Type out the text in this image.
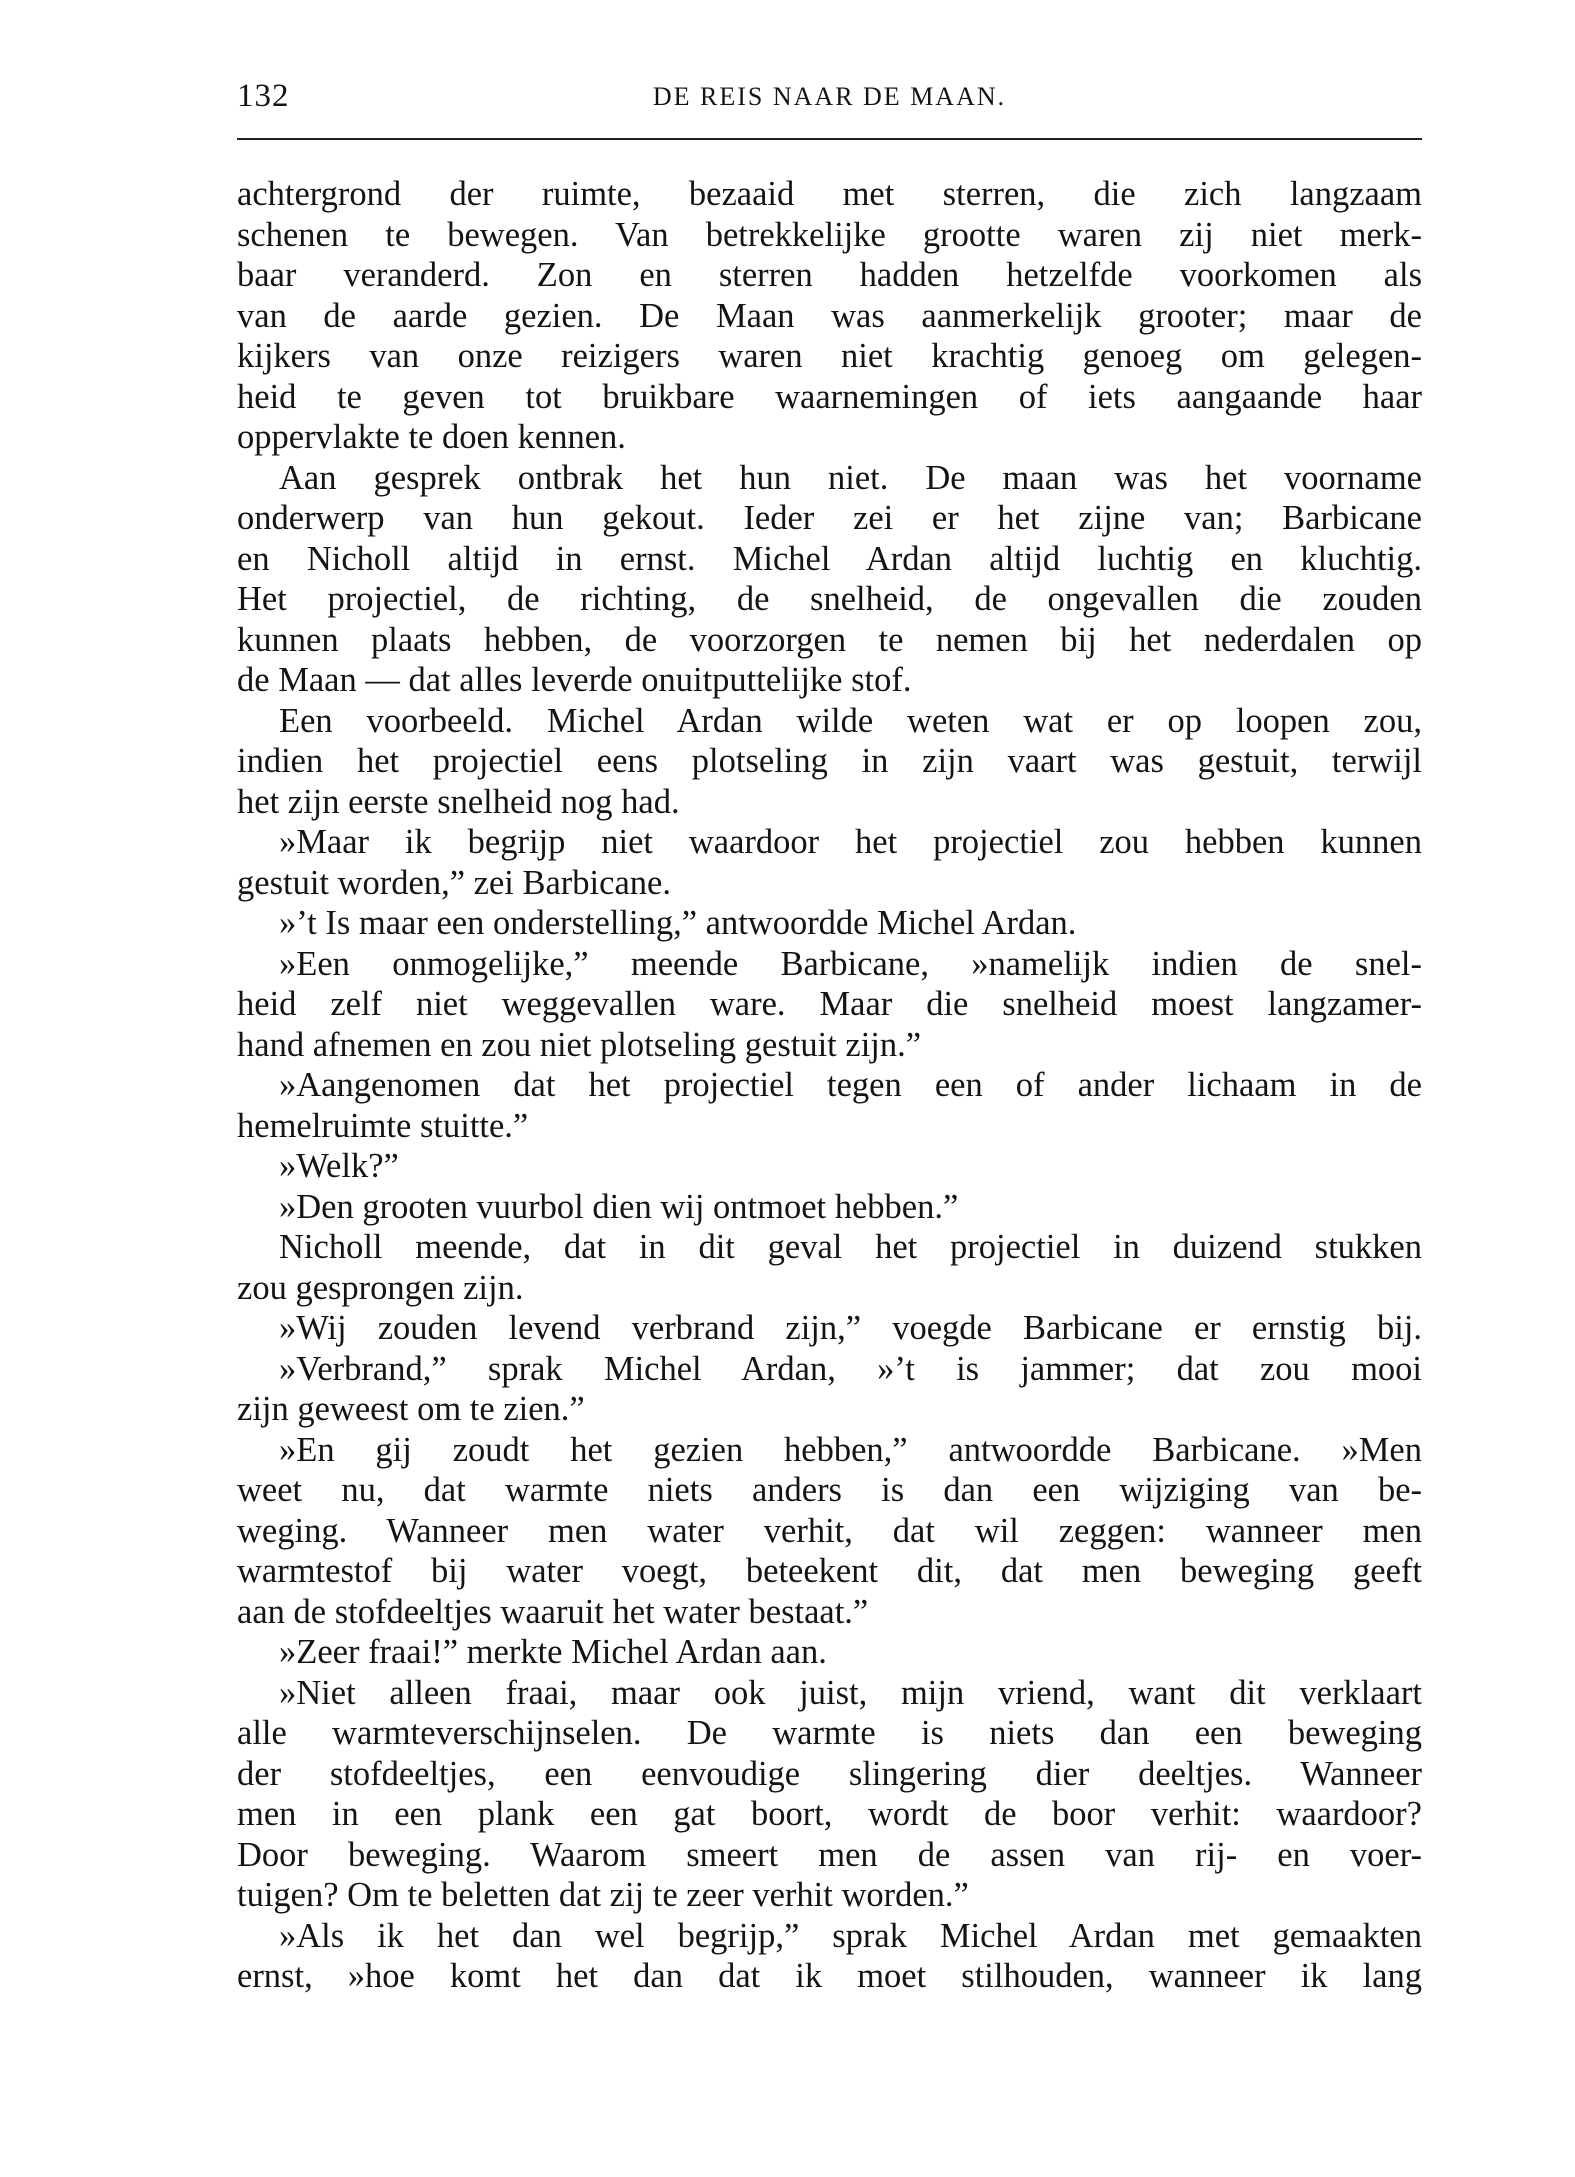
132	DE REIS NAAR DE MAAN.
achtergrond der ruimte, bezaaid met sterren, die zich langzaam
schenen te bewegen. Van betrekkelijke grootte waren zij niet merk-
baar veranderd. Zon en sterren hadden hetzelfde voorkomen als
van de aarde gezien. De Maan was aanmerkelijk grooter; maar de
kijkers van onze reizigers waren niet krachtig genoeg om gelegen-
heid te geven tot bruikbare waarnemingen of iets aangaande haar
oppervlakte te doen kennen.
Aan gesprek ontbrak het hun niet. De maan was het voorname
onderwerp van hun gekout. Ieder zei er het zijne van; Barbicane
en Nicholl altijd in ernst. Michel Ardan altijd luchtig en kluchtig.
Het projectiel, de richting, de snelheid, de ongevallen die zouden
kunnen plaats hebben, de voorzorgen te nemen bij het nederdalen op
de Maan — dat alles leverde onuitputtelijke stof.
Een voorbeeld. Michel Ardan wilde weten wat er op loopen zou,
indien het projectiel eens plotseling in zijn vaart was gestuit, terwijl
het zijn eerste snelheid nog had.
»Maar ik begrijp niet waardoor het projectiel zou hebben kunnen
gestuit worden,” zei Barbicane.
»’t Is maar een onderstelling,” antwoordde Michel Ardan.
»Een onmogelijke,” meende Barbicane, »namelijk indien de snel-
heid zelf niet weggevallen ware. Maar die snelheid moest langzamer-
hand afnemen en zou niet plotseling gestuit zijn.”
»Aangenomen dat het projectiel tegen een of ander lichaam in de
hemelruimte stuitte.”
»Welk?”
»Den grooten vuurbol dien wij ontmoet hebben.”
Nicholl meende, dat in dit geval het projectiel in duizend stukken
zou gesprongen zijn.
»Wij zouden levend verbrand zijn,” voegde Barbicane er ernstig bij.
»Verbrand,” sprak Michel Ardan, »’t is jammer; dat zou mooi
zijn geweest om te zien.”
»En gij zoudt het gezien hebben,” antwoordde Barbicane. »Men
weet nu, dat warmte niets anders is dan een wijziging van be-
weging. Wanneer men water verhit, dat wil zeggen: wanneer men
warmtestof bij water voegt, beteekent dit, dat men beweging geeft
aan de stofdeeltjes waaruit het water bestaat.”
»Zeer fraai!” merkte Michel Ardan aan.
»Niet alleen fraai, maar ook juist, mijn vriend, want dit verklaart
alle warmteverschijnselen. De warmte is niets dan een beweging
der stofdeeltjes, een eenvoudige slingering dier deeltjes. Wanneer
men in een plank een gat boort, wordt de boor verhit: waardoor?
Door beweging. Waarom smeert men de assen van rij- en voer-
tuigen? Om te beletten dat zij te zeer verhit worden.”
»Als ik het dan wel begrijp,” sprak Michel Ardan met gemaakten
ernst, »hoe komt het dan dat ik moet stilhouden, wanneer ik lang
